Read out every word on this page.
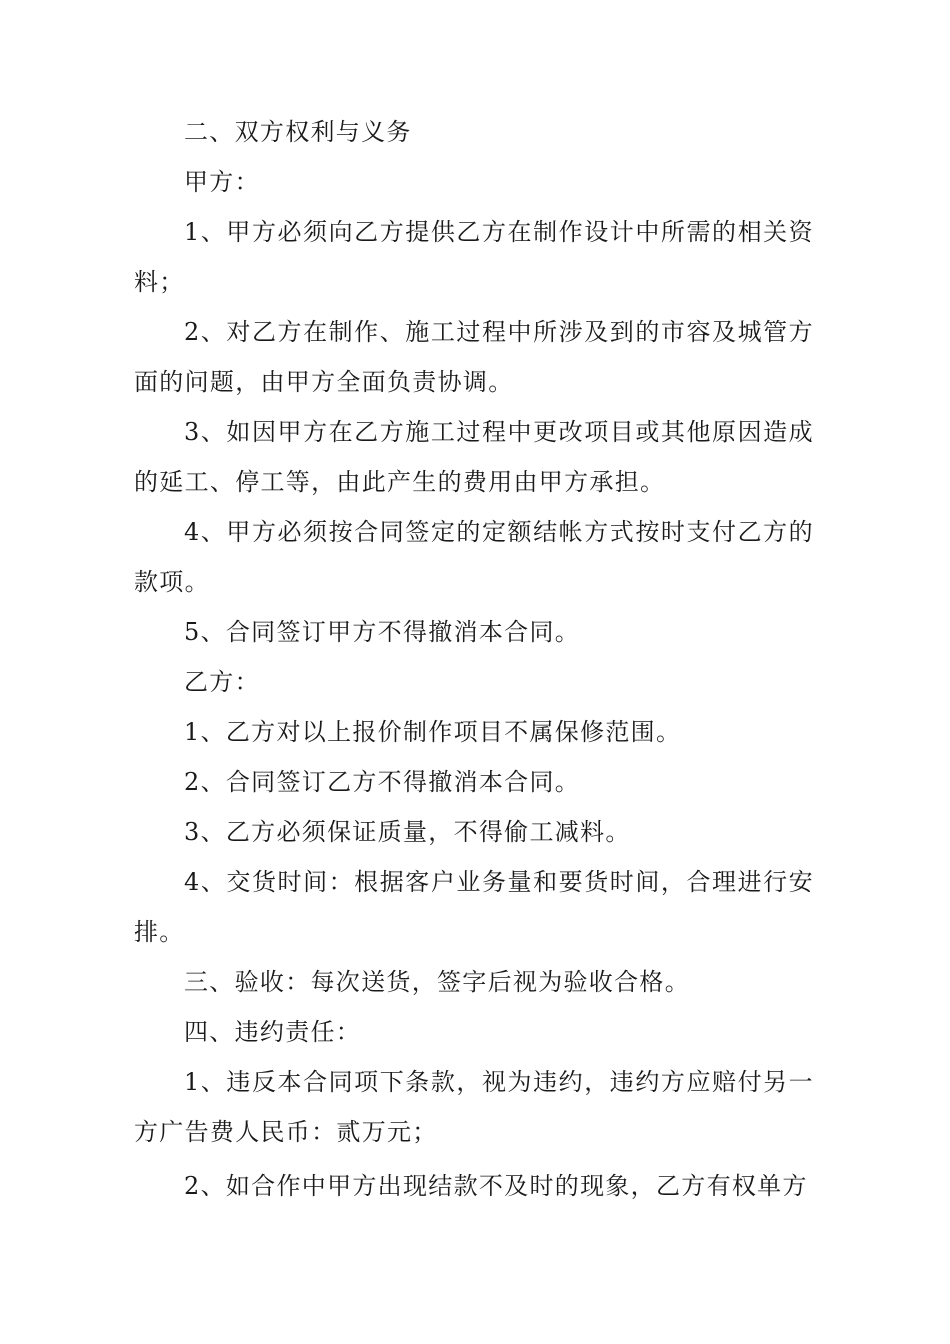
二、双方权利与义务

甲方：

1、甲方必须向乙方提供乙方在制作设计中所需的相关资料；

2、对乙方在制作、施工过程中所涉及到的市容及城管方面的问题，由甲方全面负责协调。

3、如因甲方在乙方施工过程中更改项目或其他原因造成的延工、停工等，由此产生的费用由甲方承担。

4、甲方必须按合同签定的定额结帐方式按时支付乙方的款项。

5、合同签订甲方不得撤消本合同。

乙方：

1、乙方对以上报价制作项目不属保修范围。

2、合同签订乙方不得撤消本合同。

3、乙方必须保证质量，不得偷工减料。

4、交货时间：根据客户业务量和要货时间，合理进行安排。

三、验收：每次送货，签字后视为验收合格。

四、违约责任：

1、违反本合同项下条款，视为违约，违约方应赔付另一方广告费人民币：贰万元；

2、如合作中甲方出现结款不及时的现象，乙方有权单方
